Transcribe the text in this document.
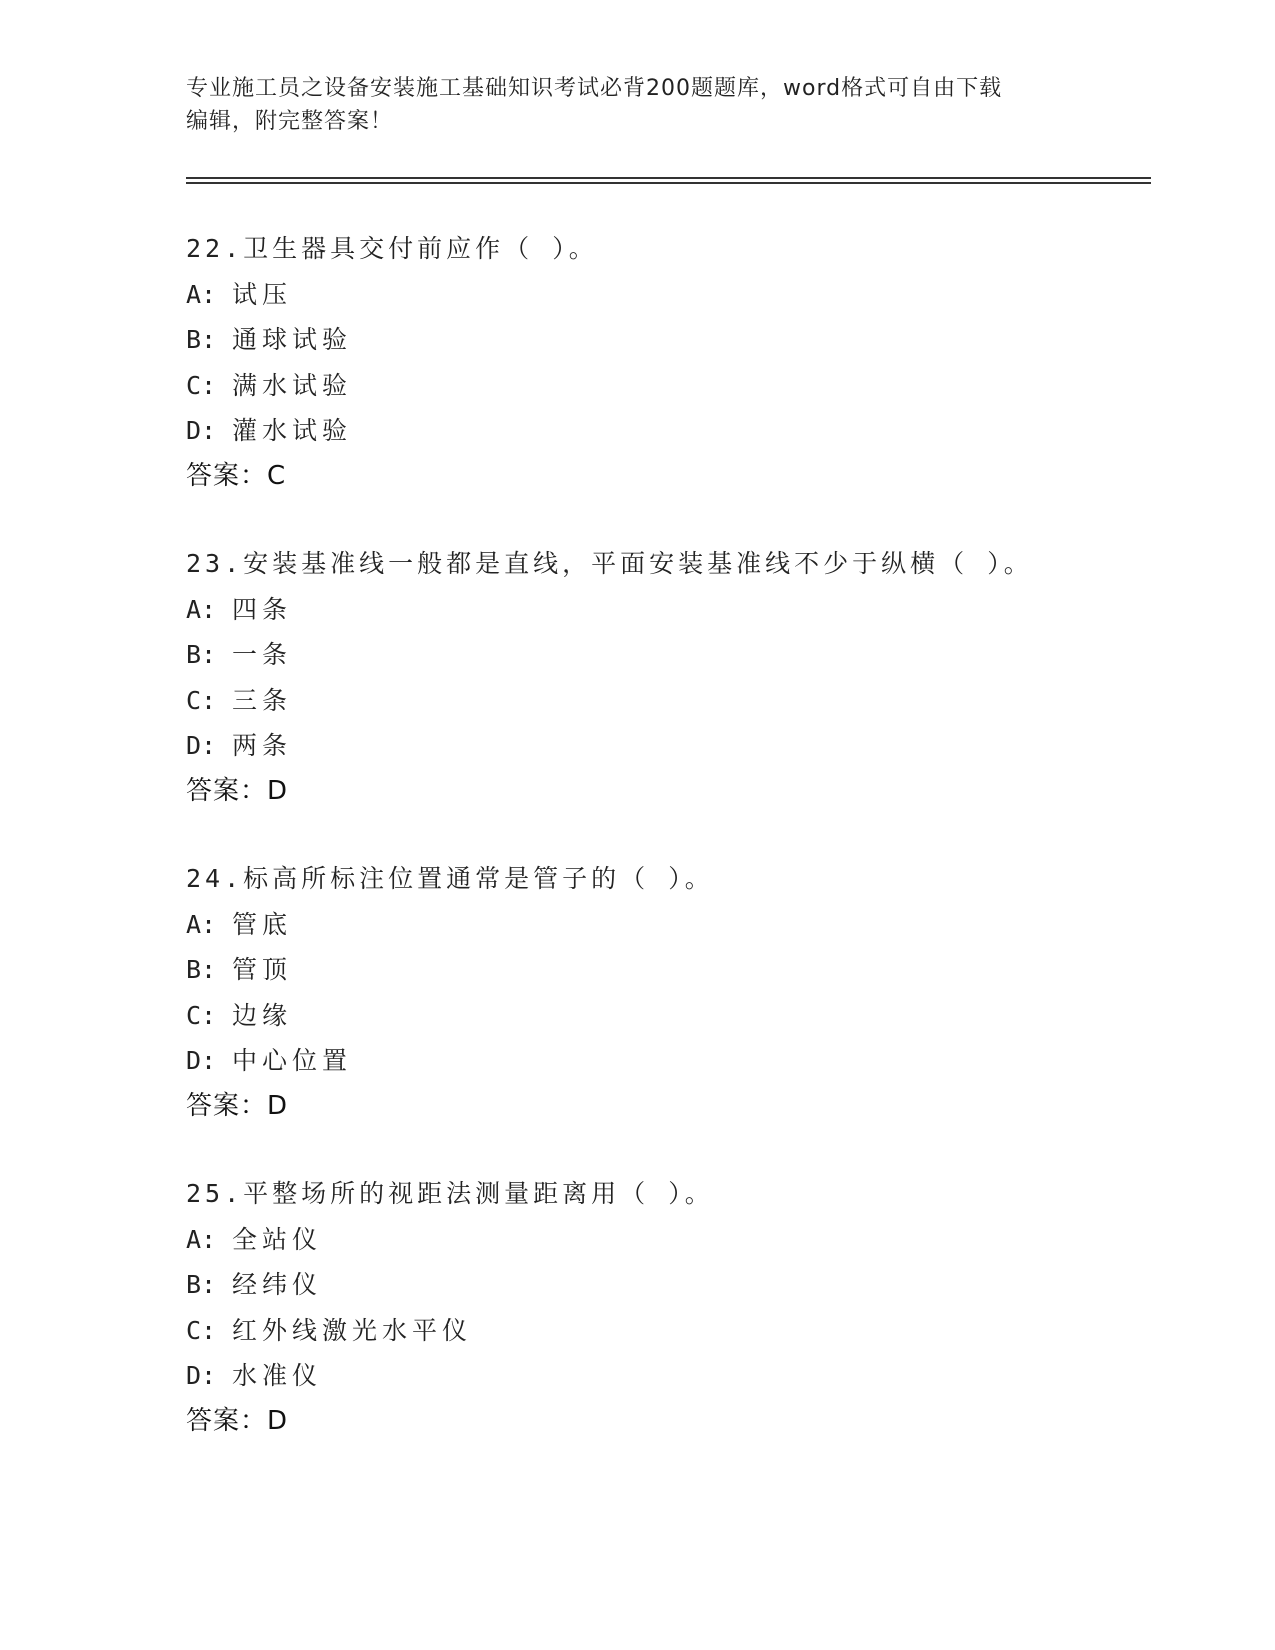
专业施工员之设备安装施工基础知识考试必背200题题库，word格式可自由下载
编辑，附完整答案！
22.卫生器具交付前应作（ ）。
A: 试压
B: 通球试验
C: 满水试验
D: 灌水试验
答案：C
23.安装基准线一般都是直线，平面安装基准线不少于纵横（ ）。
A: 四条
B: 一条
C: 三条
D: 两条
答案：D
24.标高所标注位置通常是管子的（ ）。
A: 管底
B: 管顶
C: 边缘
D: 中心位置
答案：D
25.平整场所的视距法测量距离用（ ）。
A: 全站仪
B: 经纬仪
C: 红外线激光水平仪
D: 水准仪
答案：D
